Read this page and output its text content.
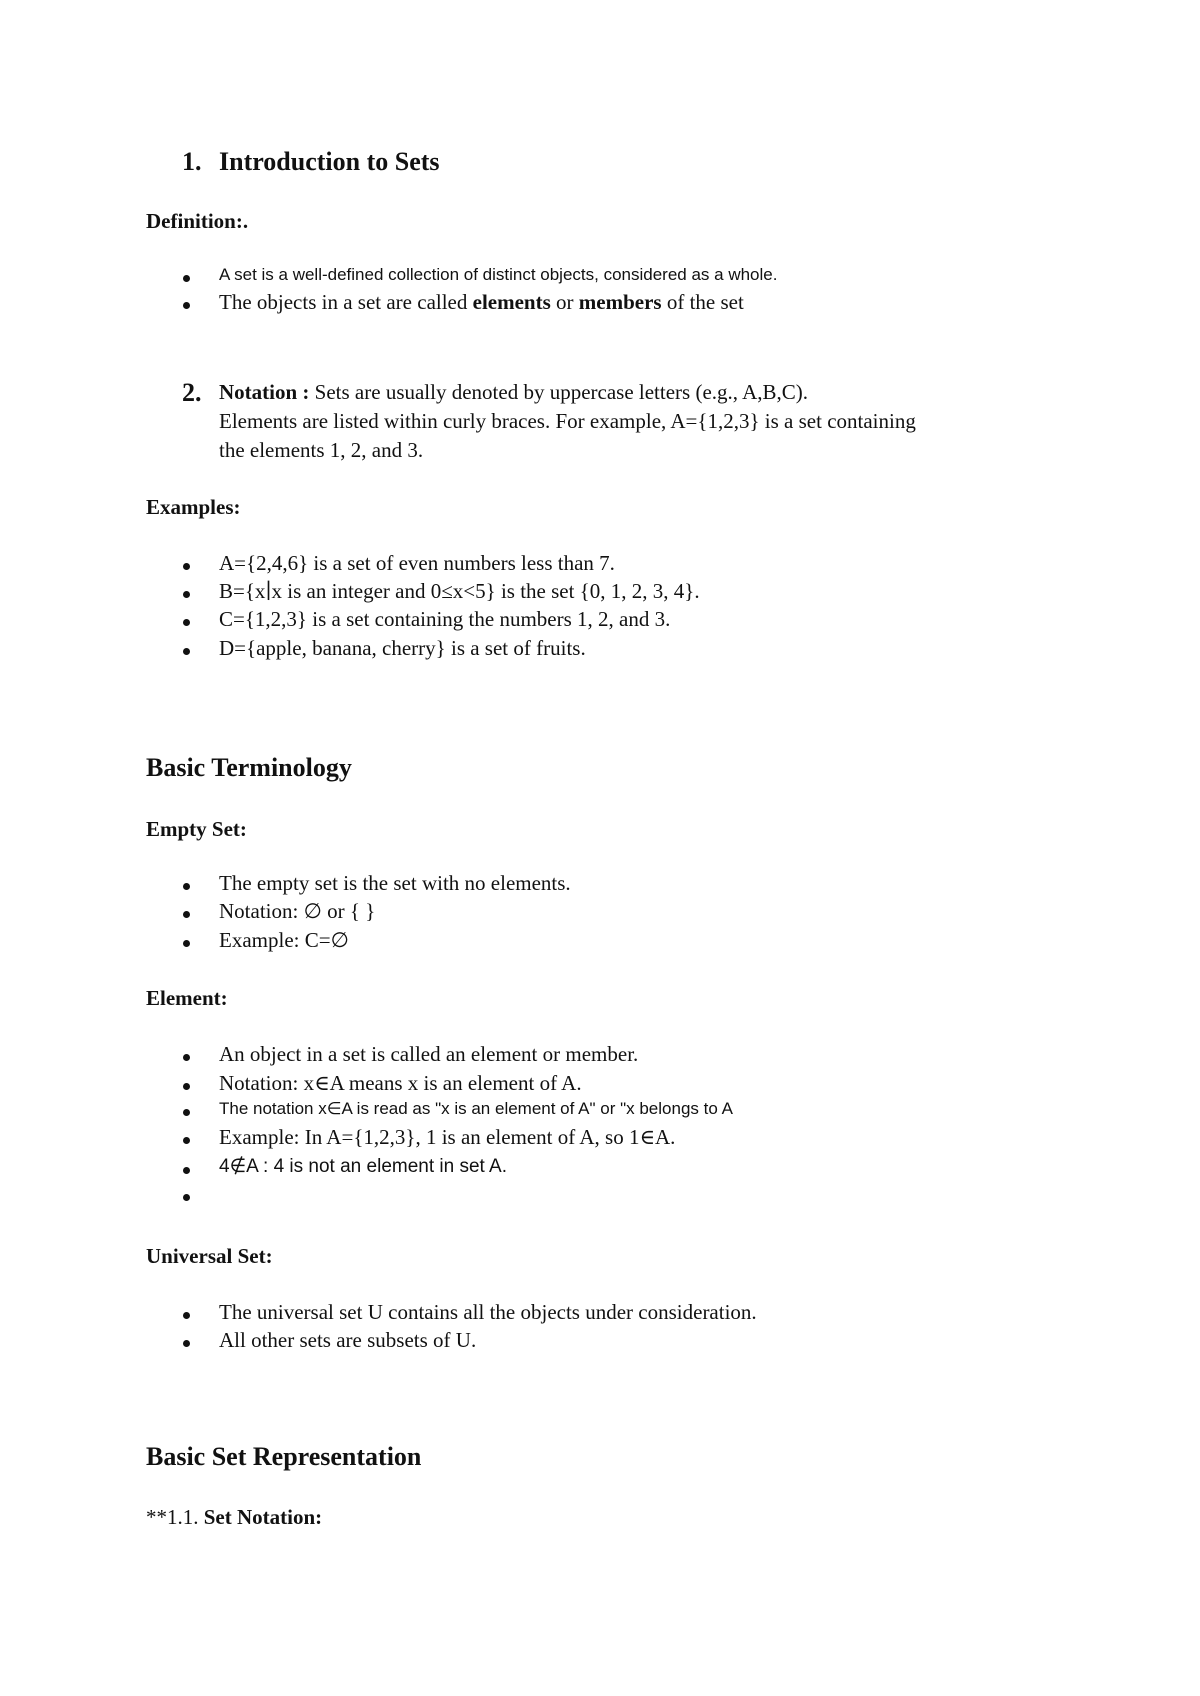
1. Introduction to Sets
Definition:.
A set is a well-defined collection of distinct objects, considered as a whole.
The objects in a set are called elements or members of the set
2. Notation : Sets are usually denoted by uppercase letters (e.g., A,B,C).
Elements are listed within curly braces. For example, A={1,2,3} is a set containing
the elements 1, 2, and 3.
Examples:
A={2,4,6} is a set of even numbers less than 7.
B={x∣x is an integer and 0≤x<5} is the set {0, 1, 2, 3, 4}.
C={1,2,3} is a set containing the numbers 1, 2, and 3.
D={apple, banana, cherry} is a set of fruits.
Basic Terminology
Empty Set:
The empty set is the set with no elements.
Notation: ∅ or { }
Example: C=∅
Element:
An object in a set is called an element or member.
Notation: x∈A means x is an element of A.
The notation x∈A is read as "x is an element of A" or "x belongs to A
Example: In A={1,2,3}, 1 is an element of A, so 1∈A.
4∉A : 4 is not an element in set A.
Universal Set:
The universal set U contains all the objects under consideration.
All other sets are subsets of U.
Basic Set Representation
**1.1. Set Notation:
